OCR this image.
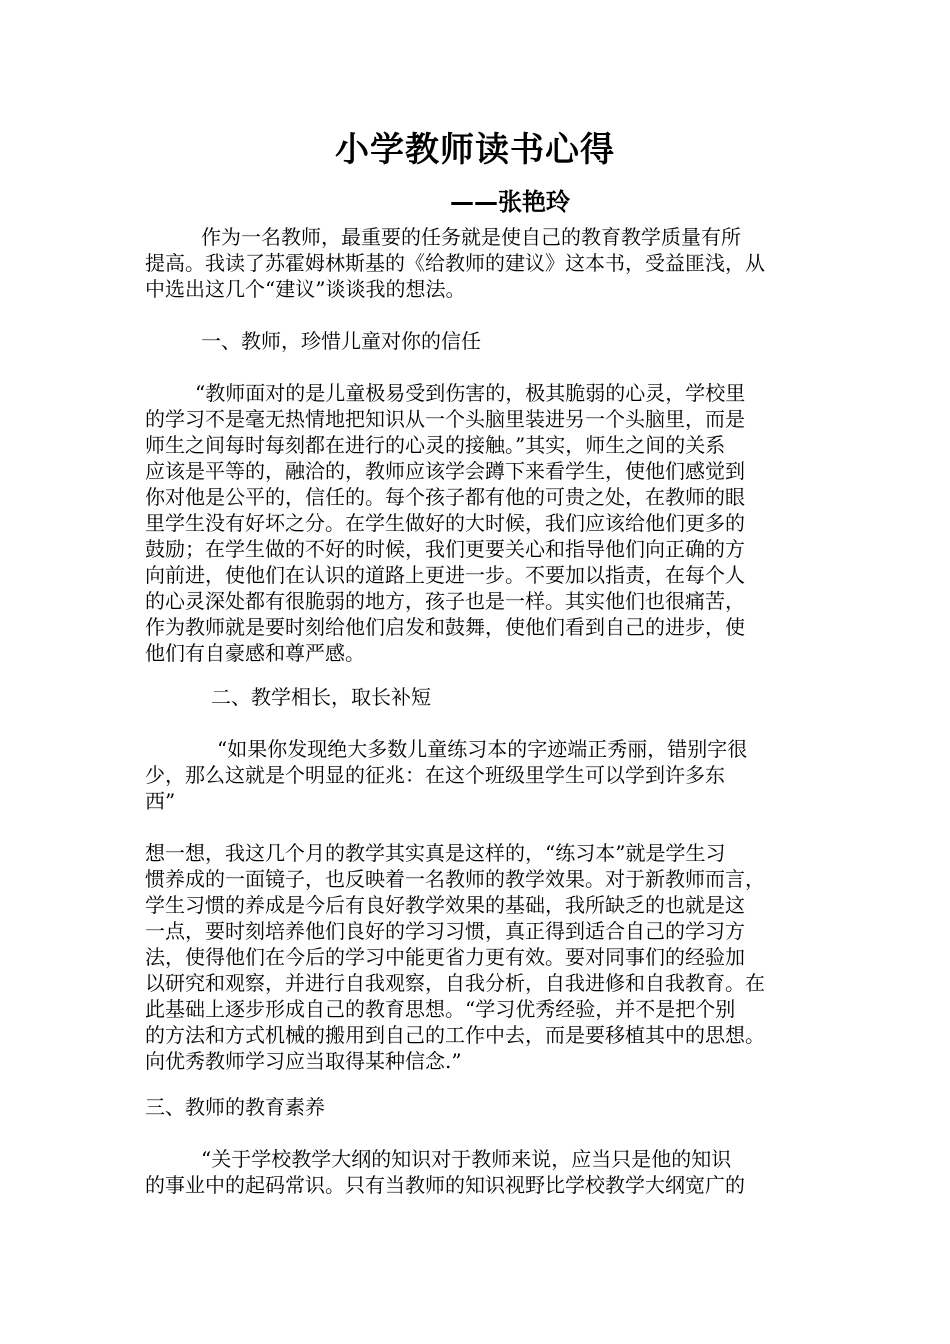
小学教师读书心得
——张艳玲
作为一名教师，最重要的任务就是使自己的教育教学质量有所
提高。我读了苏霍姆林斯基的《给教师的建议》这本书，受益匪浅，从
中选出这几个“建议”谈谈我的想法。
一、教师，珍惜儿童对你的信任
“教师面对的是儿童极易受到伤害的，极其脆弱的心灵，学校里
的学习不是毫无热情地把知识从一个头脑里装进另一个头脑里，而是
师生之间每时每刻都在进行的心灵的接触。”其实，师生之间的关系
应该是平等的，融洽的，教师应该学会蹲下来看学生，使他们感觉到
你对他是公平的，信任的。每个孩子都有他的可贵之处，在教师的眼
里学生没有好坏之分。在学生做好的大时候，我们应该给他们更多的
鼓励；在学生做的不好的时候，我们更要关心和指导他们向正确的方
向前进，使他们在认识的道路上更进一步。不要加以指责，在每个人
的心灵深处都有很脆弱的地方，孩子也是一样。其实他们也很痛苦，
作为教师就是要时刻给他们启发和鼓舞，使他们看到自己的进步，使
他们有自豪感和尊严感。
二、教学相长，取长补短
“如果你发现绝大多数儿童练习本的字迹端正秀丽，错别字很
少，那么这就是个明显的征兆：在这个班级里学生可以学到许多东
西”
想一想，我这几个月的教学其实真是这样的，“练习本”就是学生习
惯养成的一面镜子，也反映着一名教师的教学效果。对于新教师而言，
学生习惯的养成是今后有良好教学效果的基础，我所缺乏的也就是这
一点，要时刻培养他们良好的学习习惯，真正得到适合自己的学习方
法，使得他们在今后的学习中能更省力更有效。要对同事们的经验加
以研究和观察，并进行自我观察，自我分析，自我进修和自我教育。在
此基础上逐步形成自己的教育思想。“学习优秀经验，并不是把个别
的方法和方式机械的搬用到自己的工作中去，而是要移植其中的思想。
向优秀教师学习应当取得某种信念.”
三、教师的教育素养
“关于学校教学大纲的知识对于教师来说，应当只是他的知识
的事业中的起码常识。只有当教师的知识视野比学校教学大纲宽广的
